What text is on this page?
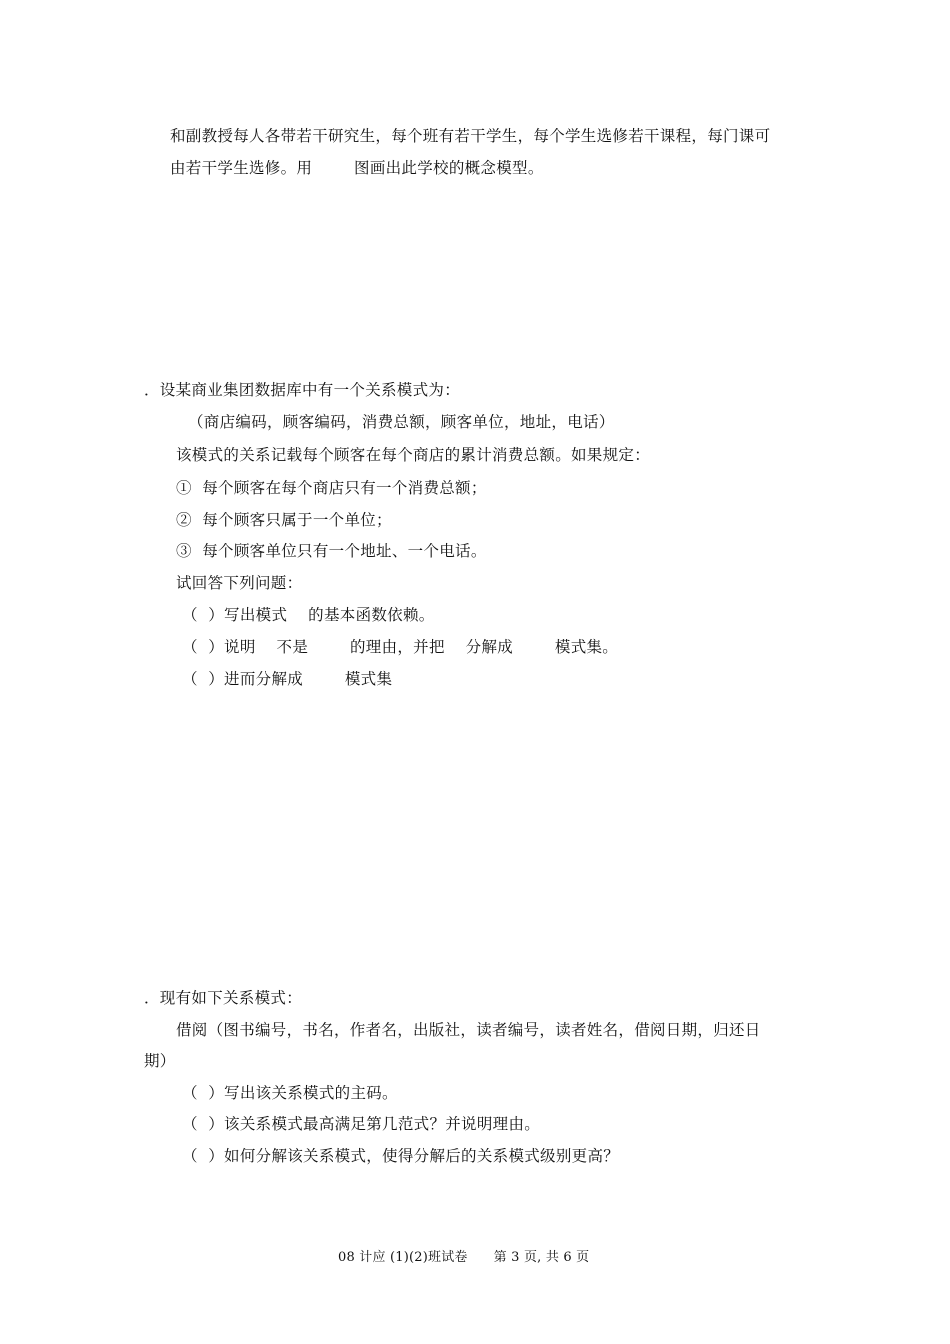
和副教授每人各带若干研究生，每个班有若干学生，每个学生选修若干课程，每门课可
由若干学生选修。用        图画出此学校的概念模型。
．设某商业集团数据库中有一个关系模式为：
（商店编码，顾客编码，消费总额，顾客单位，地址，电话）
该模式的关系记载每个顾客在每个商店的累计消费总额。如果规定：
①  每个顾客在每个商店只有一个消费总额；
②  每个顾客只属于一个单位；
③  每个顾客单位只有一个地址、一个电话。
试回答下列问题：
（  ）写出模式    的基本函数依赖。
（  ）说明    不是        的理由，并把    分解成        模式集。
（  ）进而分解成        模式集
．现有如下关系模式：
借阅（图书编号，书名，作者名，出版社，读者编号，读者姓名，借阅日期，归还日
期）
（  ）写出该关系模式的主码。
（  ）该关系模式最高满足第几范式？并说明理由。
（  ）如何分解该关系模式，使得分解后的关系模式级别更高？
08 计应 (1)(2)班试卷      第 3 页, 共 6 页
